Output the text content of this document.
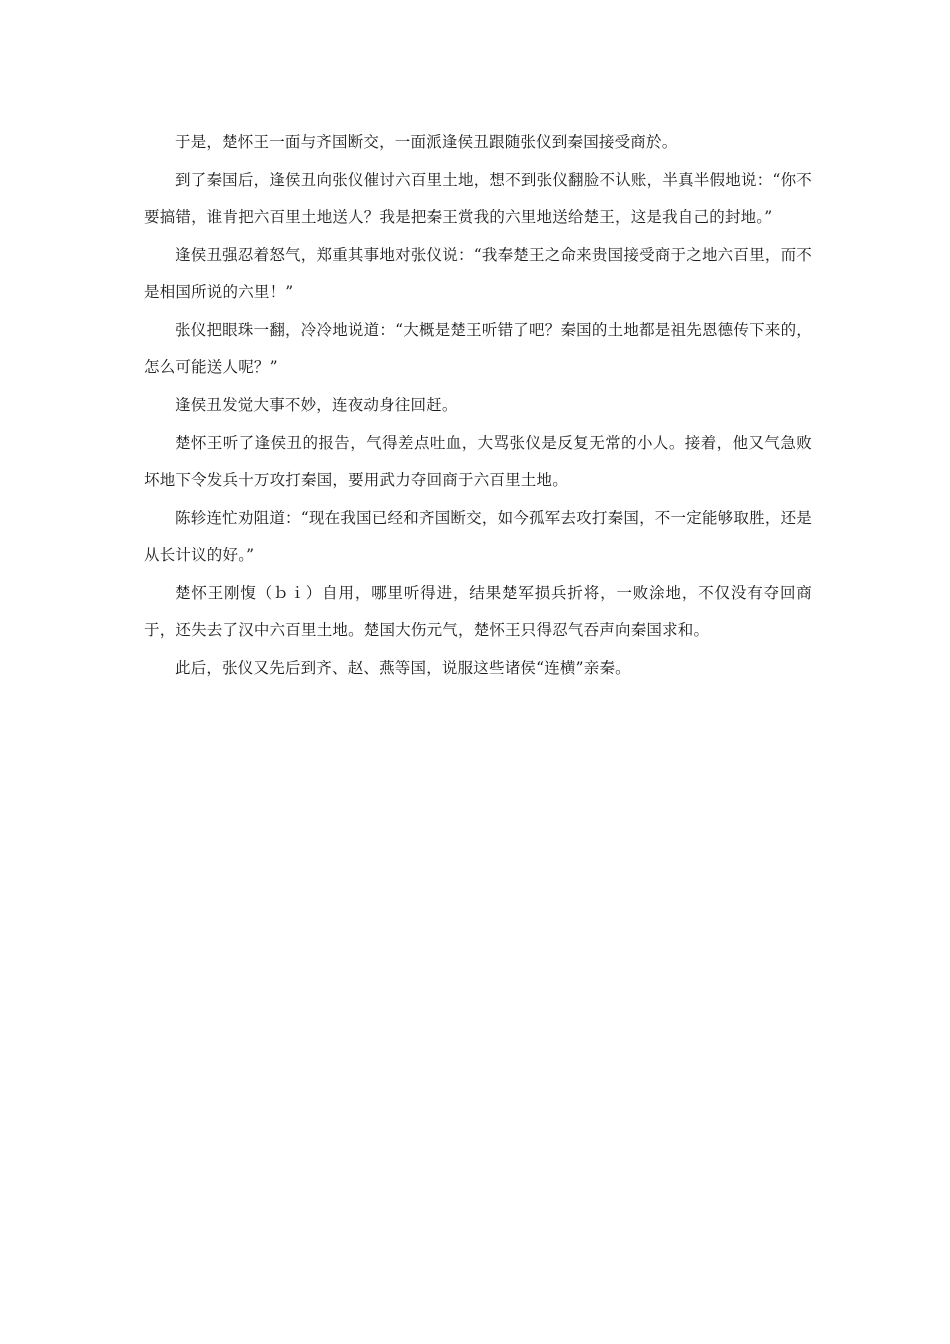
于是，楚怀王一面与齐国断交，一面派逢侯丑跟随张仪到秦国接受商於。

到了秦国后，逢侯丑向张仪催讨六百里土地，想不到张仪翻脸不认账，半真半假地说：“你不要搞错，谁肯把六百里土地送人？我是把秦王赏我的六里地送给楚王，这是我自己的封地。”

逢侯丑强忍着怒气，郑重其事地对张仪说：“我奉楚王之命来贵国接受商于之地六百里，而不是相国所说的六里！”

张仪把眼珠一翻，冷冷地说道：“大概是楚王听错了吧？秦国的土地都是祖先恩德传下来的，怎么可能送人呢？”

逢侯丑发觉大事不妙，连夜动身往回赶。

楚怀王听了逢侯丑的报告，气得差点吐血，大骂张仪是反复无常的小人。接着，他又气急败坏地下令发兵十万攻打秦国，要用武力夺回商于六百里土地。

陈轸连忙劝阻道：“现在我国已经和齐国断交，如今孤军去攻打秦国，不一定能够取胜，还是从长计议的好。”

楚怀王刚愎（ｂｉ）自用，哪里听得进，结果楚军损兵折将，一败涂地，不仅没有夺回商于，还失去了汉中六百里土地。楚国大伤元气，楚怀王只得忍气吞声向秦国求和。

此后，张仪又先后到齐、赵、燕等国，说服这些诸侯“连横”亲秦。
